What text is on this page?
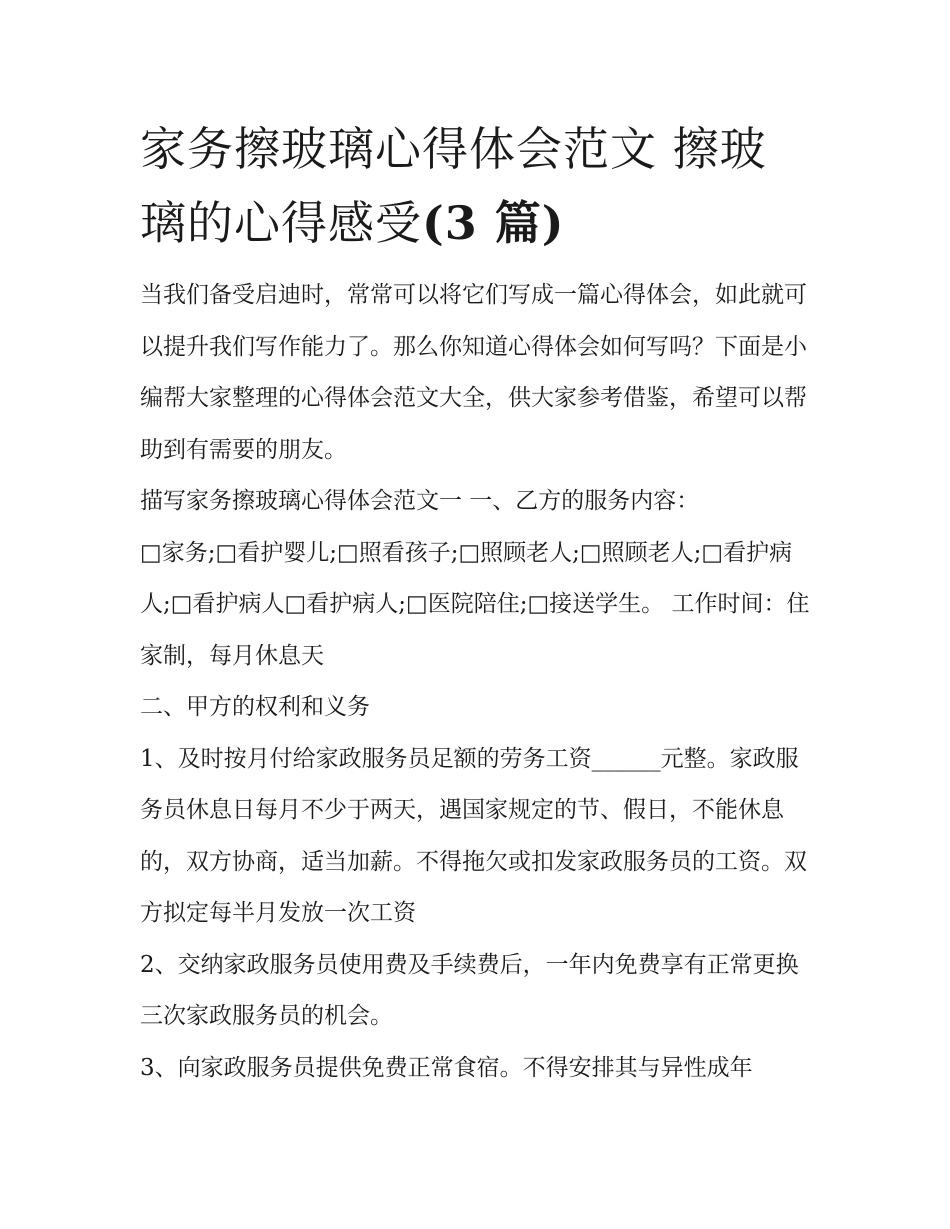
家务擦玻璃心得体会范文 擦玻璃的心得感受(3 篇)

当我们备受启迪时，常常可以将它们写成一篇心得体会，如此就可以提升我们写作能力了。那么你知道心得体会如何写吗？下面是小编帮大家整理的心得体会范文大全，供大家参考借鉴，希望可以帮助到有需要的朋友。

描写家务擦玻璃心得体会范文一 一、乙方的服务内容：

□家务;□看护婴儿;□照看孩子;□照顾老人;□照顾老人;□看护病人;□看护病人□看护病人;□医院陪住;□接送学生。 工作时间：住家制，每月休息天

二、甲方的权利和义务

1、及时按月付给家政服务员足额的劳务工资______元整。家政服务员休息日每月不少于两天，遇国家规定的节、假日，不能休息的，双方协商，适当加薪。不得拖欠或扣发家政服务员的工资。双方拟定每半月发放一次工资

2、交纳家政服务员使用费及手续费后，一年内免费享有正常更换三次家政服务员的机会。

3、向家政服务员提供免费正常食宿。不得安排其与异性成年
